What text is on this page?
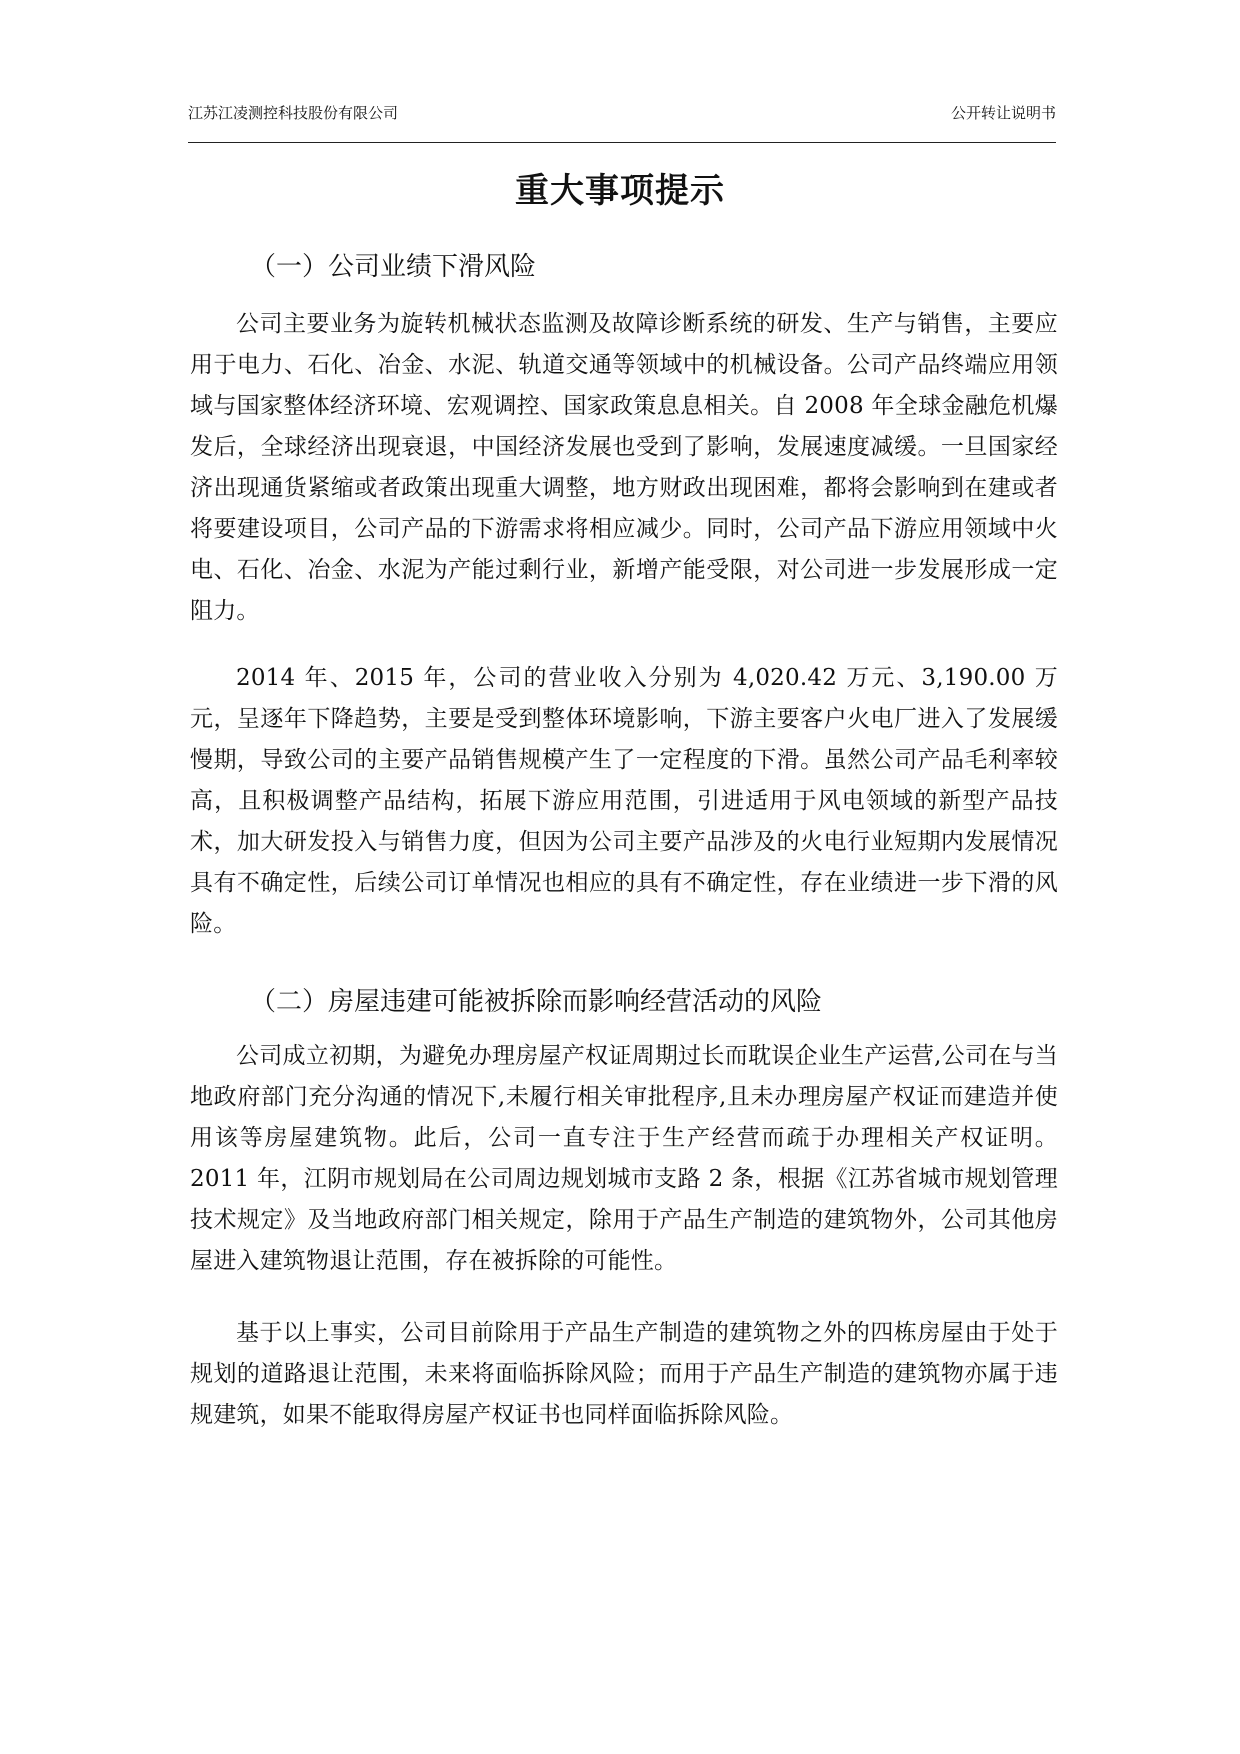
江苏江凌测控科技股份有限公司	公开转让说明书
重大事项提示
（一）公司业绩下滑风险

公司主要业务为旋转机械状态监测及故障诊断系统的研发、生产与销售，主要应用于电力、石化、冶金、水泥、轨道交通等领域中的机械设备。公司产品终端应用领域与国家整体经济环境、宏观调控、国家政策息息相关。自 2008 年全球金融危机爆发后，全球经济出现衰退，中国经济发展也受到了影响，发展速度减缓。一旦国家经济出现通货紧缩或者政策出现重大调整，地方财政出现困难，都将会影响到在建或者将要建设项目，公司产品的下游需求将相应减少。同时，公司产品下游应用领域中火电、石化、冶金、水泥为产能过剩行业，新增产能受限，对公司进一步发展形成一定阻力。

2014 年、2015 年，公司的营业收入分别为 4,020.42 万元、3,190.00 万元，呈逐年下降趋势，主要是受到整体环境影响，下游主要客户火电厂进入了发展缓慢期，导致公司的主要产品销售规模产生了一定程度的下滑。虽然公司产品毛利率较高，且积极调整产品结构，拓展下游应用范围，引进适用于风电领域的新型产品技术，加大研发投入与销售力度，但因为公司主要产品涉及的火电行业短期内发展情况具有不确定性，后续公司订单情况也相应的具有不确定性，存在业绩进一步下滑的风险。

（二）房屋违建可能被拆除而影响经营活动的风险

公司成立初期，为避免办理房屋产权证周期过长而耽误企业生产运营,公司在与当地政府部门充分沟通的情况下,未履行相关审批程序,且未办理房屋产权证而建造并使用该等房屋建筑物。此后，公司一直专注于生产经营而疏于办理相关产权证明。2011 年，江阴市规划局在公司周边规划城市支路 2 条，根据《江苏省城市规划管理技术规定》及当地政府部门相关规定，除用于产品生产制造的建筑物外，公司其他房屋进入建筑物退让范围，存在被拆除的可能性。

基于以上事实，公司目前除用于产品生产制造的建筑物之外的四栋房屋由于处于规划的道路退让范围，未来将面临拆除风险；而用于产品生产制造的建筑物亦属于违规建筑，如果不能取得房屋产权证书也同样面临拆除风险。
